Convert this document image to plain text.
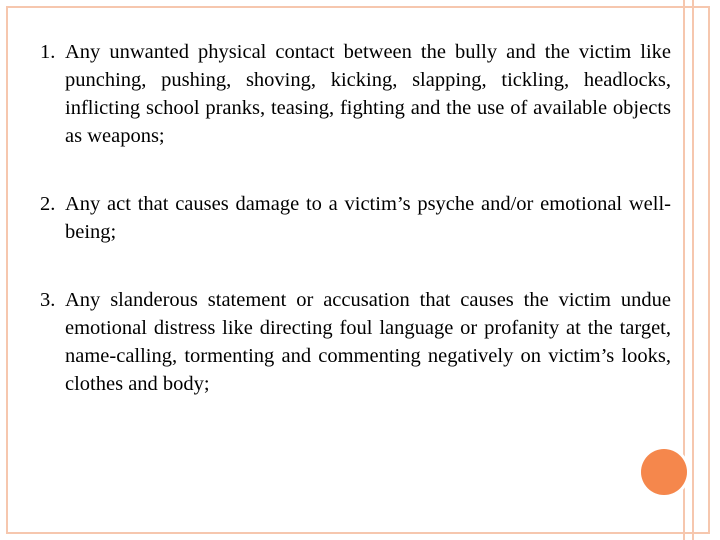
1. Any unwanted physical contact between the bully and the victim like punching, pushing, shoving, kicking, slapping, tickling, headlocks, inflicting school pranks, teasing, fighting and the use of available objects as weapons;
2. Any act that causes damage to a victim’s psyche and/or emotional well-being;
3. Any slanderous statement or accusation that causes the victim undue emotional distress like directing foul language or profanity at the target, name-calling, tormenting and commenting negatively on victim’s looks, clothes and body;
